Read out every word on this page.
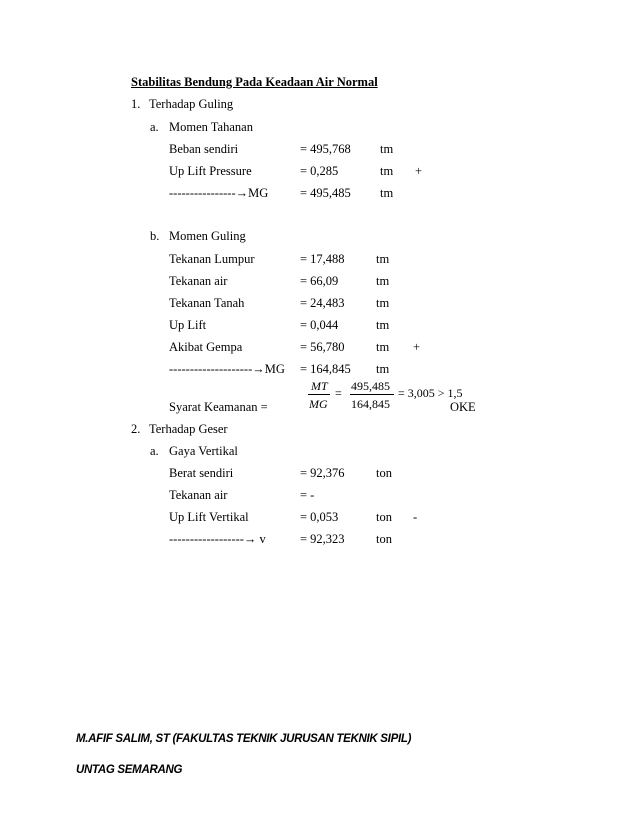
Stabilitas Bendung Pada Keadaan Air Normal
1. Terhadap Guling
a. Momen Tahanan
Beban sendiri	= 495,768 tm
Up Lift Pressure	= 0,285	tm +
----------------→MG	= 495,485 tm
b. Momen Guling
Tekanan Lumpur	= 17,488	tm
Tekanan air	= 66,09	tm
Tekanan Tanah	= 24,483	tm
Up Lift	= 0,044	tm
Akibat Gempa	= 56,780	tm +
--------------------→MG = 164,845 tm
MT
MG
= 495,485
164,845
= 3,005 > 1,5
Syarat Keamanan =	OKE
2. Terhadap Geser
a. Gaya Vertikal
Berat sendiri	= 92,376	ton
Tekanan air	= -
Up Lift Vertikal	= 0,053	ton -
------------------→ v	= 92,323	ton
M.AFIF SALIM, ST (FAKULTAS TEKNIK JURUSAN TEKNIK SIPIL)
UNTAG SEMARANG
